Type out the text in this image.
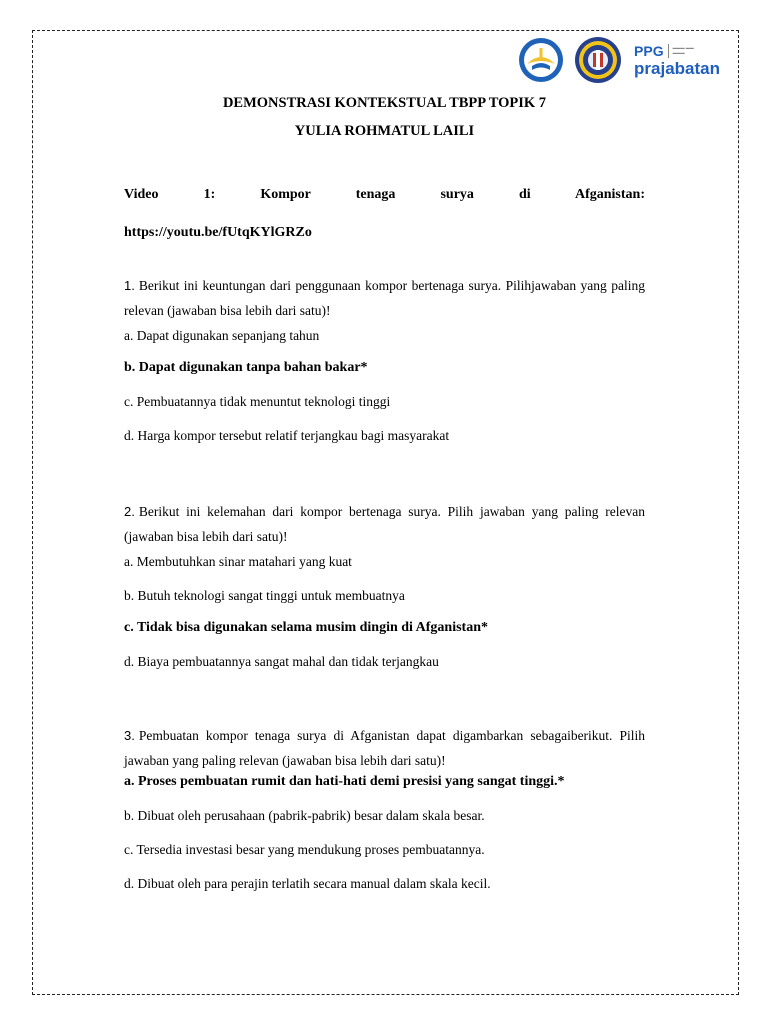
PPG ▬▬▬ ▬▬ ▬▬▬
prajabatan

DEMONSTRASI KONTEKSTUAL TBPP TOPIK 7

YULIA ROHMATUL LAILI

Video 1: Kompor tenaga surya di Afganistan:

https://youtu.be/fUtqKYlGRZo

1. Berikut ini keuntungan dari penggunaan kompor bertenaga surya. Pilihjawaban yang paling relevan (jawaban bisa lebih dari satu)!

a. Dapat digunakan sepanjang tahun

b. Dapat digunakan tanpa bahan bakar*

c. Pembuatannya tidak menuntut teknologi tinggi

d. Harga kompor tersebut relatif terjangkau bagi masyarakat

2. Berikut ini kelemahan dari kompor bertenaga surya. Pilih jawaban yang paling relevan (jawaban bisa lebih dari satu)!

a. Membutuhkan sinar matahari yang kuat

b. Butuh teknologi sangat tinggi untuk membuatnya

c. Tidak bisa digunakan selama musim dingin di Afganistan*

d. Biaya pembuatannya sangat mahal dan tidak terjangkau

3. Pembuatan kompor tenaga surya di Afganistan dapat digambarkan sebagaiberikut. Pilih jawaban yang paling relevan (jawaban bisa lebih dari satu)!

a. Proses pembuatan rumit dan hati-hati demi presisi yang sangat tinggi.*

b. Dibuat oleh perusahaan (pabrik-pabrik) besar dalam skala besar.

c. Tersedia investasi besar yang mendukung proses pembuatannya.

d. Dibuat oleh para perajin terlatih secara manual dalam skala kecil.
